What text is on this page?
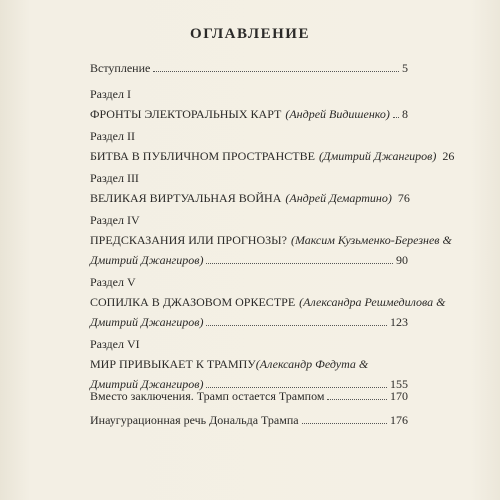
ОГЛАВЛЕНИЕ
Вступление	5
Раздел I
ФРОНТЫ ЭЛЕКТОРАЛЬНЫХ КАРТ (Андрей Видишенко) 8
Раздел II
БИТВА В ПУБЛИЧНОМ ПРОСТРАНСТВЕ (Дмитрий Джангиров) 26
Раздел III
ВЕЛИКАЯ ВИРТУАЛЬНАЯ ВОЙНА (Андрей Демартино) 76
Раздел IV
ПРЕДСКАЗАНИЯ ИЛИ ПРОГНОЗЫ? (Максим Кузьменко-Березнев &
Дмитрий Джангиров)	90
Раздел V
СОПИЛКА В ДЖАЗОВОМ ОРКЕСТРЕ (Александра Решмедилова &
Дмитрий Джангиров)	123
Раздел VI
МИР ПРИВЫКАЕТ К ТРАМПУ (Александр Федута &
Дмитрий Джангиров)	155
Вместо заключения. Трамп остается Трампом	170
Инаугурационная речь Дональда Трампа	176
